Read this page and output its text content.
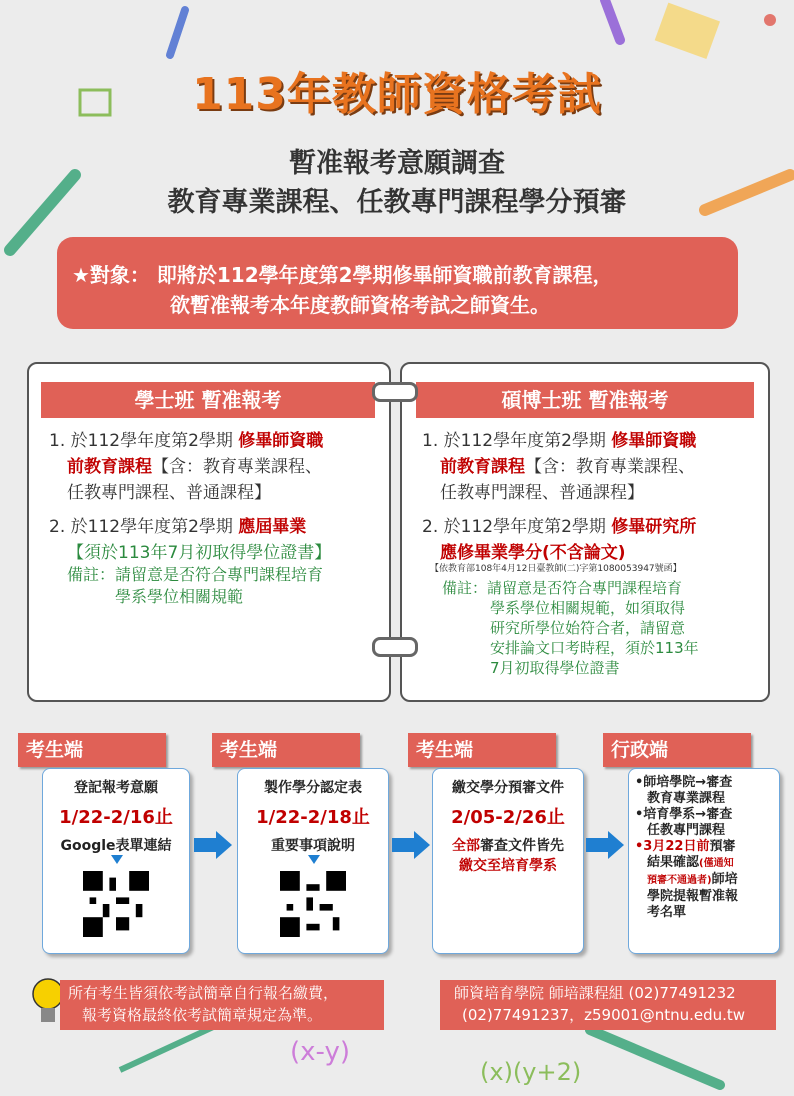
(x-y)
(x)(y+2)
113年教師資格考試
暫准報考意願調查
教育專業課程、任教專門課程學分預審
★對象： 即將於112學年度第2學期修畢師資職前教育課程，
欲暫准報考本年度教師資格考試之師資生。
學士班 暫准報考
1. 於112學年度第2學期 修畢師資職
前教育課程【含：教育專業課程、
任教專門課程、普通課程】
2. 於112學年度第2學期 應屆畢業
【須於113年7月初取得學位證書】
備註：請留意是否符合專門課程培育
學系學位相關規範
碩博士班 暫准報考
1. 於112學年度第2學期 修畢師資職
前教育課程【含：教育專業課程、
任教專門課程、普通課程】
2. 於112學年度第2學期 修畢研究所
應修畢業學分(不含論文)
【依教育部108年4月12日臺教師(二)字第1080053947號函】
備註：請留意是否符合專門課程培育
學系學位相關規範，如須取得
研究所學位始符合者，請留意
安排論文口考時程，須於113年
7月初取得學位證書
考生端
登記報考意願
1/22-2/16止
Google表單連結
考生端
製作學分認定表
1/22-2/18止
重要事項說明
考生端
繳交學分預審文件
2/05-2/26止
全部審查文件皆先
繳交至培育學系
行政端
•師培學院→審查
教育專業課程
•培育學系→審查
任教專門課程
•3月22日前預審
結果確認(僅通知
預審不通過者)師培
學院提報暫准報
考名單
所有考生皆須依考試簡章自行報名繳費，
報考資格最終依考試簡章規定為準。
師資培育學院 師培課程組 (02)77491232
(02)77491237，z59001@ntnu.edu.tw
